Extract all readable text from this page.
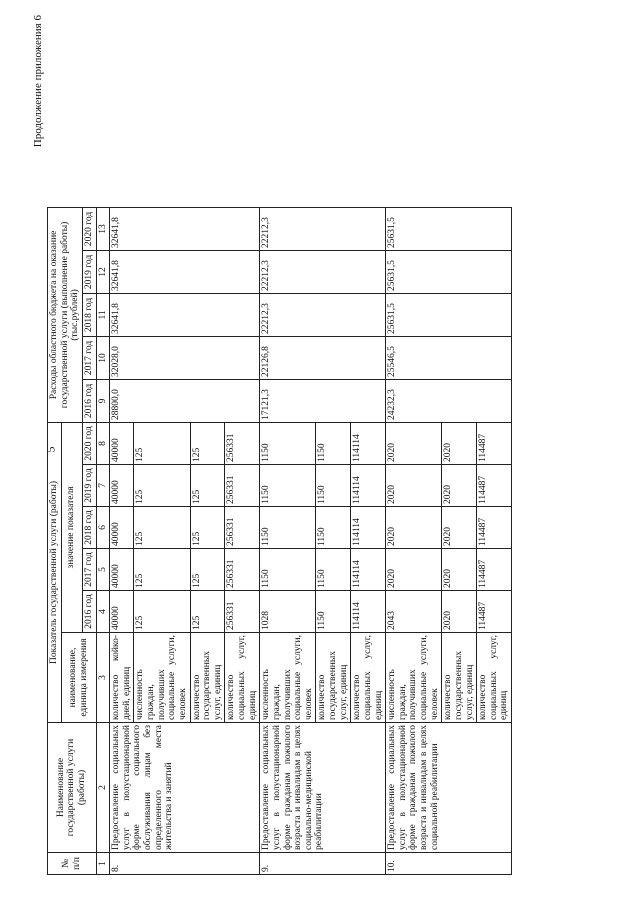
5
Продолжение приложения 6
№ п/п	Наименование государственной услуги (работы)	Показатель государственной услуги (работы)						Расходы областного бюджета на оказание государственной услуги (выполнение работы) (тыс.рублей)				
		наименование, единица измерения	значение показателя									
			2016 год	2017 год	2018 год	2019 год	2020 год	2016 год	2017 год	2018 год	2019 год	2020 год
1	2	3	4	5	6	7	8	9	10	11	12	13
8.	Предоставление социальных услуг в полустационарной форме социального обслуживания лицам без определенного места жительства и занятий	количество койко-дней, единиц	40000	40000	40000	40000	40000	28800,0	32028,0	32641,8	32641,8	32641,8
		численность граждан, получивших социальные услуги, человек	125	125	125	125	125					
		количество государственных услуг, единиц	125	125	125	125	125					
		количество социальных услуг, единиц	256331	256331	256331	256331	256331					
9.	Предоставление социальных услуг в полустационарной форме гражданам пожилого возраста и инвалидам в целях социально-медицинской реабилитации	численность граждан, получивших социальные услуги, человек	1028	1150	1150	1150	1150	17121,3	22126,8	22212,3	22212,3	22212,3
		количество государственных услуг, единиц	1150	1150	1150	1150	1150					
		количество социальных услуг, единиц	114114	114114	114114	114114	114114					
10.	Предоставление социальных услуг в полустационарной форме гражданам пожилого возраста и инвалидам в целях социальной реабилитации	численность граждан, получивших социальные услуги, человек	2043	2020	2020	2020	2020	24232,3	25546,5	25631,5	25631,5	25631,5
		количество государственных услуг, единиц	2020	2020	2020	2020	2020					
		количество социальных услуг, единиц	114487	114487	114487	114487	114487					
